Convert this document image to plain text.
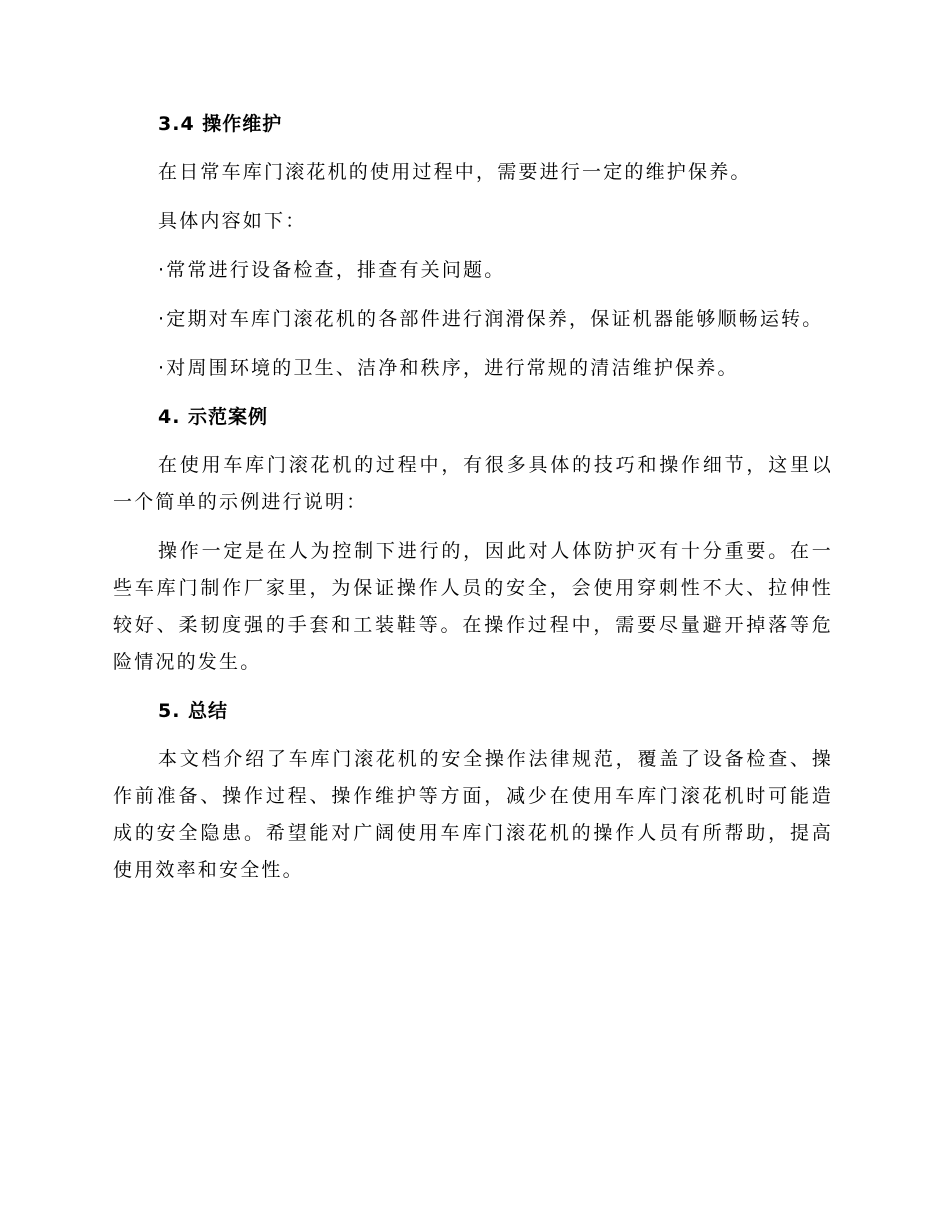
3.4 操作维护

在日常车库门滚花机的使用过程中，需要进行一定的维护保养。

具体内容如下：

·常常进行设备检查，排查有关问题。

·定期对车库门滚花机的各部件进行润滑保养，保证机器能够顺畅运转。

·对周围环境的卫生、洁净和秩序，进行常规的清洁维护保养。

4. 示范案例

在使用车库门滚花机的过程中，有很多具体的技巧和操作细节，这里以一个简单的示例进行说明：

操作一定是在人为控制下进行的，因此对人体防护灭有十分重要。在一些车库门制作厂家里，为保证操作人员的安全，会使用穿刺性不大、拉伸性较好、柔韧度强的手套和工装鞋等。在操作过程中，需要尽量避开掉落等危险情况的发生。

5. 总结

本文档介绍了车库门滚花机的安全操作法律规范，覆盖了设备检查、操作前准备、操作过程、操作维护等方面，减少在使用车库门滚花机时可能造成的安全隐患。希望能对广阔使用车库门滚花机的操作人员有所帮助，提高使用效率和安全性。
